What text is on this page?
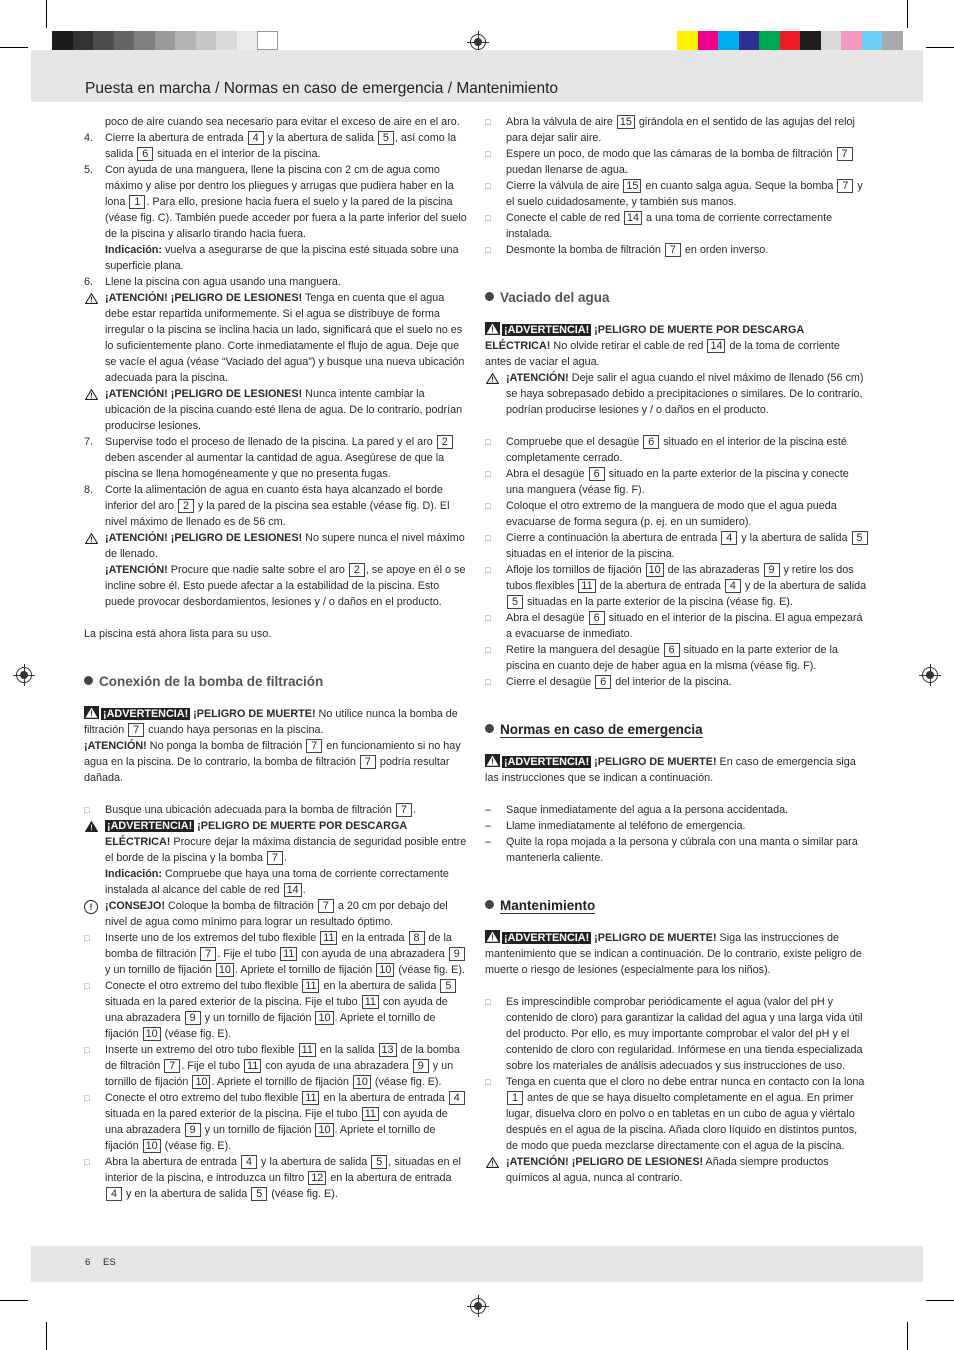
Puesta en marcha / Normas en caso de emergencia / Mantenimiento
6 ES

poco de aire cuando sea necesario para evitar el exceso de aire en el aro.

4. Cierre la abertura de entrada 4 y la abertura de salida 5 , así como la salida 6 situada en el interior de la piscina.

5. Con ayuda de una manguera, llene la piscina con 2 cm de agua como máximo y alise por dentro los pliegues y arrugas que pudiera haber en la lona 1 . Para ello, presione hacia fuera el suelo y la pared de la piscina (véase fig. C). También puede acceder por fuera a la parte inferior del suelo de la piscina y alisarlo tirando hacia fuera.
Indicación: vuelva a asegurarse de que la piscina esté situada sobre una superficie plana.

6. Llene la piscina con agua usando una manguera.

¡ATENCIÓN! ¡PELIGRO DE LESIONES! Tenga en cuenta que el agua debe estar repartida uniformemente. Si el agua se distribuye de forma irregular o la piscina se inclina hacia un lado, significará que el suelo no es lo suficientemente plano. Corte inmediatamente el flujo de agua. Deje que se vacíe el agua (véase “Vaciado del agua”) y busque una nueva ubicación adecuada para la piscina.

¡ATENCIÓN! ¡PELIGRO DE LESIONES! Nunca intente cambiar la ubicación de la piscina cuando esté llena de agua. De lo contrario, podrían producirse lesiones.

7. Supervise todo el proceso de llenado de la piscina. La pared y el aro 2 deben ascender al aumentar la cantidad de agua. Asegúrese de que la piscina se llena homogéneamente y que no presenta fugas.

8. Corte la alimentación de agua en cuanto ésta haya alcanzado el borde inferior del aro 2 y la pared de la piscina sea estable (véase fig. D). El nivel máximo de llenado es de 56 cm.

¡ATENCIÓN! ¡PELIGRO DE LESIONES! No supere nunca el nivel máximo de llenado.
¡ATENCIÓN! Procure que nadie salte sobre el aro 2 , se apoye en él o se incline sobre él. Esto puede afectar a la estabilidad de la piscina. Esto puede provocar desbordamientos, lesiones y / o daños en el producto.

La piscina está ahora lista para su uso.

Conexión de la bomba de filtración

¡ADVERTENCIA! ¡PELIGRO DE MUERTE! No utilice nunca la bomba de filtración 7 cuando haya personas en la piscina.
¡ATENCIÓN! No ponga la bomba de filtración 7 en funcionamiento si no hay agua en la piscina. De lo contrario, la bomba de filtración 7 podría resultar dañada.

□ Busque una ubicación adecuada para la bomba de filtración 7 .

¡ADVERTENCIA! ¡PELIGRO DE MUERTE POR DESCARGA ELÉCTRICA! Procure dejar la máxima distancia de seguridad posible entre el borde de la piscina y la bomba 7 .
Indicación: Compruebe que haya una toma de corriente correctamente instalada al alcance del cable de red 14 .

!	¡CONSEJO! Coloque la bomba de filtración 7 a 20 cm por debajo del nivel de agua como mínimo para lograr un resultado óptimo.

□ Inserte uno de los extremos del tubo flexible 11 en la entrada 8 de la bomba de filtración 7 . Fije el tubo 11 con ayuda de una abrazadera 9 y un tornillo de fijación 10 . Apriete el tornillo de fijación 10 (véase fig. E).

□ Conecte el otro extremo del tubo flexible 11 en la abertura de salida 5 situada en la pared exterior de la piscina. Fije el tubo 11 con ayuda de una abrazadera 9 y un tornillo de fijación 10 . Apriete el tornillo de fijación 10 (véase fig. E).

□ Inserte un extremo del otro tubo flexible 11 en la salida 13 de la bomba de filtración 7 . Fije el tubo 11 con ayuda de una abrazadera 9 y un tornillo de fijación 10 . Apriete el tornillo de fijación 10 (véase fig. E).

□ Conecte el otro extremo del tubo flexible 11 en la abertura de entrada 4 situada en la pared exterior de la piscina. Fije el tubo 11 con ayuda de una abrazadera 9 y un tornillo de fijación 10 . Apriete el tornillo de fijación 10 (véase fig. E).

□ Abra la abertura de entrada 4 y la abertura de salida 5 , situadas en el interior de la piscina, e introduzca un filtro 12 en la abertura de entrada 4 y en la abertura de salida 5 (véase fig. E).

□ Abra la válvula de aire 15 girándola en el sentido de las agujas del reloj para dejar salir aire.

□ Espere un poco, de modo que las cámaras de la bomba de filtración 7 puedan llenarse de agua.

□ Cierre la válvula de aire 15 en cuanto salga agua. Seque la bomba 7 y el suelo cuidadosamente, y también sus manos.

□ Conecte el cable de red 14 a una toma de corriente correctamente instalada.

□ Desmonte la bomba de filtración 7 en orden inverso.

Vaciado del agua

¡ADVERTENCIA! ¡PELIGRO DE MUERTE POR DESCARGA ELÉCTRICA! No olvide retirar el cable de red 14 de la toma de corriente antes de vaciar el agua.

¡ATENCIÓN! Deje salir el agua cuando el nivel máximo de llenado (56 cm) se haya sobrepasado debido a precipitaciones o similares. De lo contrario, podrían producirse lesiones y / o daños en el producto.

□ Compruebe que el desagüe 6 situado en el interior de la piscina esté completamente cerrado.

□ Abra el desagüe 6 situado en la parte exterior de la piscina y conecte una manguera (véase fig. F).

□ Coloque el otro extremo de la manguera de modo que el agua pueda evacuarse de forma segura (p. ej. en un sumidero).

□ Cierre a continuación la abertura de entrada 4 y la abertura de salida 5 situadas en el interior de la piscina.

□ Afloje los tornillos de fijación 10 de las abrazaderas 9 y retire los dos tubos flexibles 11 de la abertura de entrada 4 y de la abertura de salida 5 situadas en la parte exterior de la piscina (véase fig. E).

□ Abra el desagüe 6 situado en el interior de la piscina. El agua empezará a evacuarse de inmediato.

□ Retire la manguera del desagüe 6 situado en la parte exterior de la piscina en cuanto deje de haber agua en la misma (véase fig. F).

□ Cierre el desagüe 6 del interior de la piscina.

Normas en caso de emergencia

¡ADVERTENCIA! ¡PELIGRO DE MUERTE! En caso de emergencia siga las instrucciones que se indican a continuación.

– Saque inmediatamente del agua a la persona accidentada.

– Llame inmediatamente al teléfono de emergencia.

– Quite la ropa mojada a la persona y cúbrala con una manta o similar para mantenerla caliente.

Mantenimiento

¡ADVERTENCIA! ¡PELIGRO DE MUERTE! Siga las instrucciones de mantenimiento que se indican a continuación. De lo contrario, existe peligro de muerte o riesgo de lesiones (especialmente para los niños).

□ Es imprescindible comprobar periódicamente el agua (valor del pH y contenido de cloro) para garantizar la calidad del agua y una larga vida útil del producto. Por ello, es muy importante comprobar el valor del pH y el contenido de cloro con regularidad. Infórmese en una tienda especializada sobre los materiales de análisis adecuados y sus instrucciones de uso.

□ Tenga en cuenta que el cloro no debe entrar nunca en contacto con la lona 1 antes de que se haya disuelto completamente en el agua. En primer lugar, disuelva cloro en polvo o en tabletas en un cubo de agua y viértalo después en el agua de la piscina. Añada cloro líquido en distintos puntos, de modo que pueda mezclarse directamente con el agua de la piscina.

¡ATENCIÓN! ¡PELIGRO DE LESIONES! Añada siempre productos químicos al agua, nunca al contrario.
